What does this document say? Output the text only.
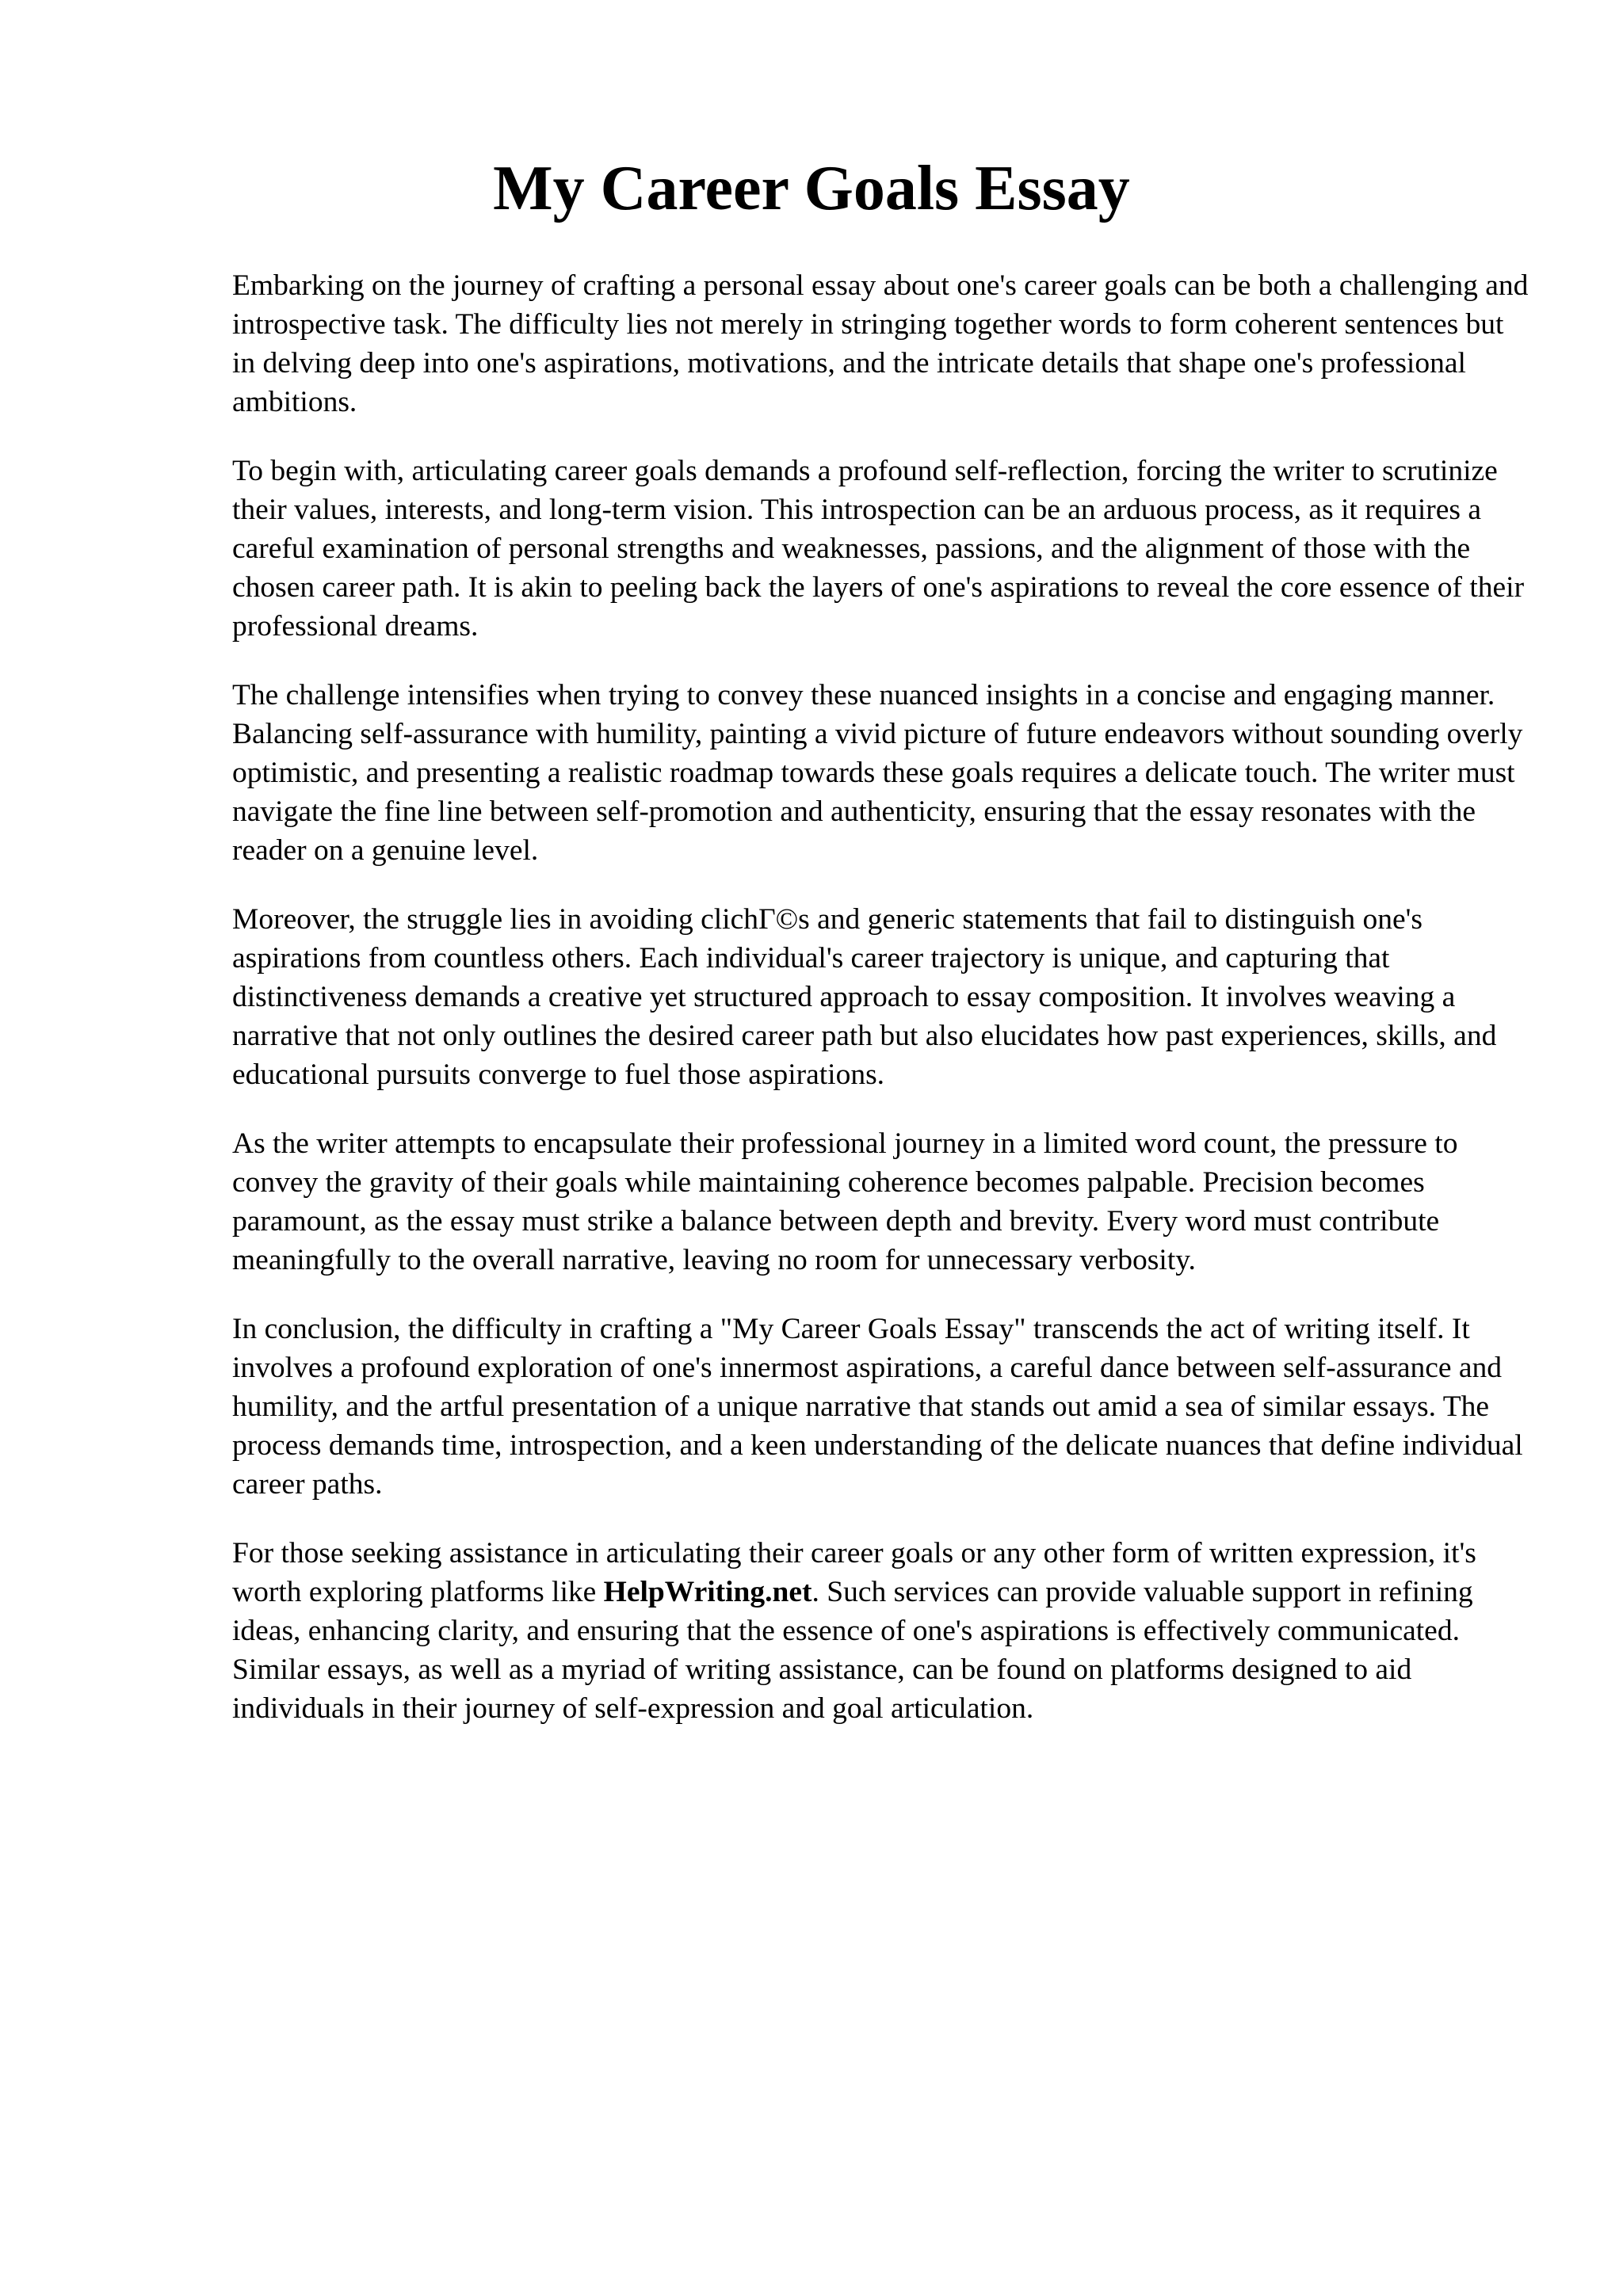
My Career Goals Essay

Embarking on the journey of crafting a personal essay about one's career goals can be both a challenging and introspective task. The difficulty lies not merely in stringing together words to form coherent sentences but in delving deep into one's aspirations, motivations, and the intricate details that shape one's professional ambitions.

To begin with, articulating career goals demands a profound self-reflection, forcing the writer to scrutinize their values, interests, and long-term vision. This introspection can be an arduous process, as it requires a careful examination of personal strengths and weaknesses, passions, and the alignment of those with the chosen career path. It is akin to peeling back the layers of one's aspirations to reveal the core essence of their professional dreams.

The challenge intensifies when trying to convey these nuanced insights in a concise and engaging manner. Balancing self-assurance with humility, painting a vivid picture of future endeavors without sounding overly optimistic, and presenting a realistic roadmap towards these goals requires a delicate touch. The writer must navigate the fine line between self-promotion and authenticity, ensuring that the essay resonates with the reader on a genuine level.

Moreover, the struggle lies in avoiding clichГ©s and generic statements that fail to distinguish one's aspirations from countless others. Each individual's career trajectory is unique, and capturing that distinctiveness demands a creative yet structured approach to essay composition. It involves weaving a narrative that not only outlines the desired career path but also elucidates how past experiences, skills, and educational pursuits converge to fuel those aspirations.

As the writer attempts to encapsulate their professional journey in a limited word count, the pressure to convey the gravity of their goals while maintaining coherence becomes palpable. Precision becomes paramount, as the essay must strike a balance between depth and brevity. Every word must contribute meaningfully to the overall narrative, leaving no room for unnecessary verbosity.

In conclusion, the difficulty in crafting a "My Career Goals Essay" transcends the act of writing itself. It involves a profound exploration of one's innermost aspirations, a careful dance between self-assurance and humility, and the artful presentation of a unique narrative that stands out amid a sea of similar essays. The process demands time, introspection, and a keen understanding of the delicate nuances that define individual career paths.

For those seeking assistance in articulating their career goals or any other form of written expression, it's worth exploring platforms like HelpWriting.net. Such services can provide valuable support in refining ideas, enhancing clarity, and ensuring that the essence of one's aspirations is effectively communicated. Similar essays, as well as a myriad of writing assistance, can be found on platforms designed to aid individuals in their journey of self-expression and goal articulation.
